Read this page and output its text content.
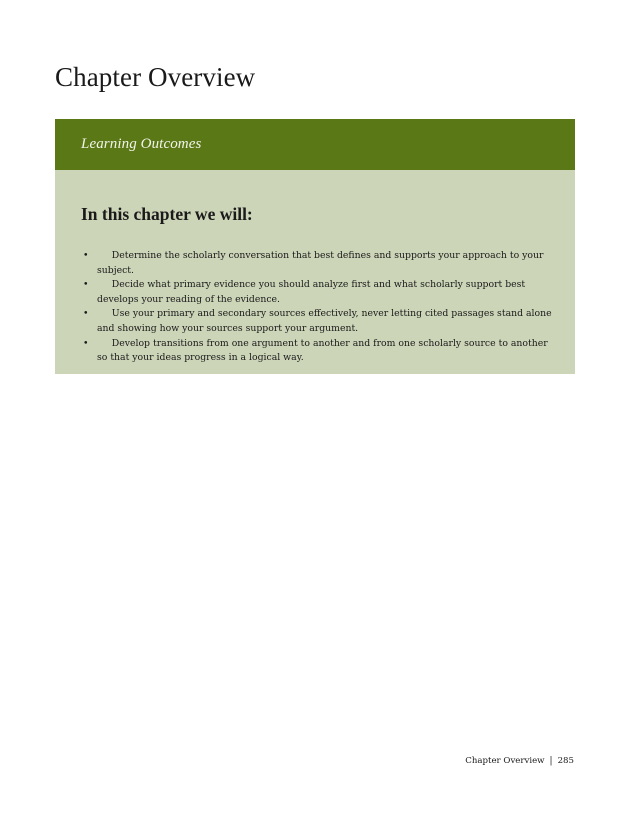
Chapter Overview
Learning Outcomes

In this chapter we will:

•	Determine the scholarly conversation that best defines and supports your approach to your subject.
•	Decide what primary evidence you should analyze first and what scholarly support best develops your reading of the evidence.
•	Use your primary and secondary sources effectively, never letting cited passages stand alone and showing how your sources support your argument.
•	Develop transitions from one argument to another and from one scholarly source to another so that your ideas progress in a logical way.
Chapter Overview | 285
